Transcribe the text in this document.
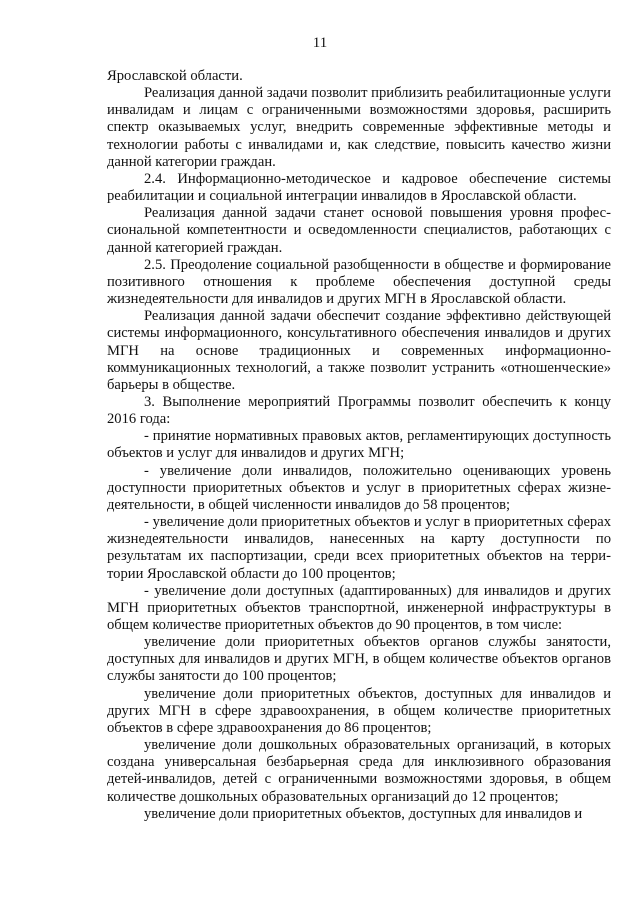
11

Ярославской области.

Реализация данной задачи позволит приблизить реабилитационные услуги инвалидам и лицам с ограниченными возможностями здоровья, расширить спектр оказываемых услуг, внедрить современные эффективные методы и технологии работы с инвалидами и, как следствие, повысить качество жизни данной категории граждан.

2.4. Информационно-методическое и кадровое обеспечение системы реабилитации и социальной интеграции инвалидов в Ярославской области.

Реализация данной задачи станет основой повышения уровня профессиональной компетентности и осведомленности специалистов, работающих с данной категорией граждан.

2.5. Преодоление социальной разобщенности в обществе и формирование позитивного отношения к проблеме обеспечения доступной среды жизнедеятельности для инвалидов и других МГН в Ярославской области.

Реализация данной задачи обеспечит создание эффективно действующей системы информационного, консультативного обеспечения инвалидов и других МГН на основе традиционных и современных информационно-коммуникационных технологий, а также позволит устранить «отношенческие» барьеры в обществе.

3. Выполнение мероприятий Программы позволит обеспечить к концу 2016 года:

- принятие нормативных правовых актов, регламентирующих доступность объектов и услуг для инвалидов и других МГН;

- увеличение доли инвалидов, положительно оценивающих уровень доступности приоритетных объектов и услуг в приоритетных сферах жизнедеятельности, в общей численности инвалидов до 58 процентов;

- увеличение доли приоритетных объектов и услуг в приоритетных сферах жизнедеятельности инвалидов, нанесенных на карту доступности по результатам их паспортизации, среди всех приоритетных объектов на территории Ярославской области до 100 процентов;

- увеличение доли доступных (адаптированных) для инвалидов и других МГН приоритетных объектов транспортной, инженерной инфраструктуры в общем количестве приоритетных объектов до 90 процентов, в том числе:

увеличение доли приоритетных объектов органов службы занятости, доступных для инвалидов и других МГН, в общем количестве объектов органов службы занятости до 100 процентов;

увеличение доли приоритетных объектов, доступных для инвалидов и других МГН в сфере здравоохранения, в общем количестве приоритетных объектов в сфере здравоохранения до 86 процентов;

увеличение доли дошкольных образовательных организаций, в которых создана универсальная безбарьерная среда для инклюзивного образования детей-инвалидов, детей с ограниченными возможностями здоровья, в общем количестве дошкольных образовательных организаций до 12 процентов;

увеличение доли приоритетных объектов, доступных для инвалидов и
